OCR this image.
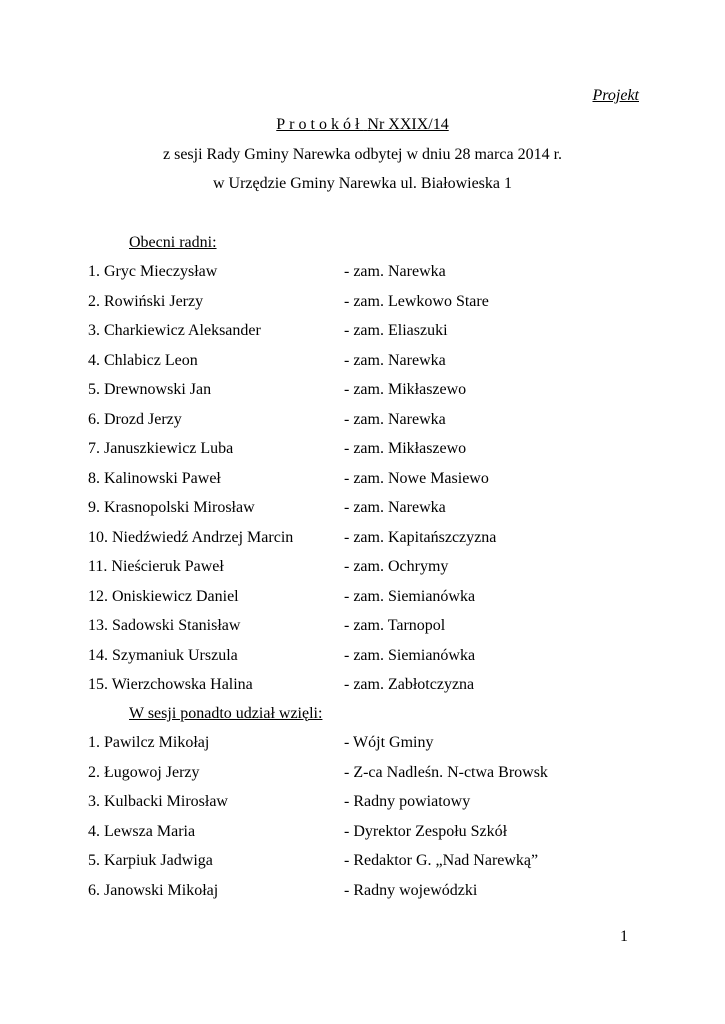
Projekt
Protokół Nr XXIX/14
z sesji Rady Gminy Narewka odbytej w dniu 28 marca 2014 r.
w Urzędzie Gminy Narewka ul. Białowieska 1
Obecni radni:
1. Gryc Mieczysław	- zam. Narewka
2. Rowiński Jerzy	- zam. Lewkowo Stare
3. Charkiewicz Aleksander	- zam. Eliaszuki
4. Chlabicz Leon	- zam. Narewka
5. Drewnowski Jan	- zam. Mikłaszewo
6. Drozd Jerzy	- zam. Narewka
7. Januszkiewicz Luba	- zam. Mikłaszewo
8. Kalinowski Paweł	- zam. Nowe Masiewo
9. Krasnopolski Mirosław	- zam. Narewka
10. Niedźwiedź Andrzej Marcin	- zam. Kapitańszczyzna
11. Nieścieruk Paweł	- zam. Ochrymy
12. Oniskiewicz Daniel	- zam. Siemianówka
13. Sadowski Stanisław	- zam. Tarnopol
14. Szymaniuk Urszula	- zam. Siemianówka
15. Wierzchowska Halina	- zam. Zabłotczyzna
W sesji ponadto udział wzięli:
1. Pawilcz Mikołaj	- Wójt Gminy
2. Ługowoj Jerzy	- Z-ca Nadleśn. N-ctwa Browsk
3. Kulbacki Mirosław	- Radny powiatowy
4. Lewsza Maria	- Dyrektor Zespołu Szkół
5. Karpiuk Jadwiga	- Redaktor G. „Nad Narewką”
6. Janowski Mikołaj	- Radny wojewódzki
1
